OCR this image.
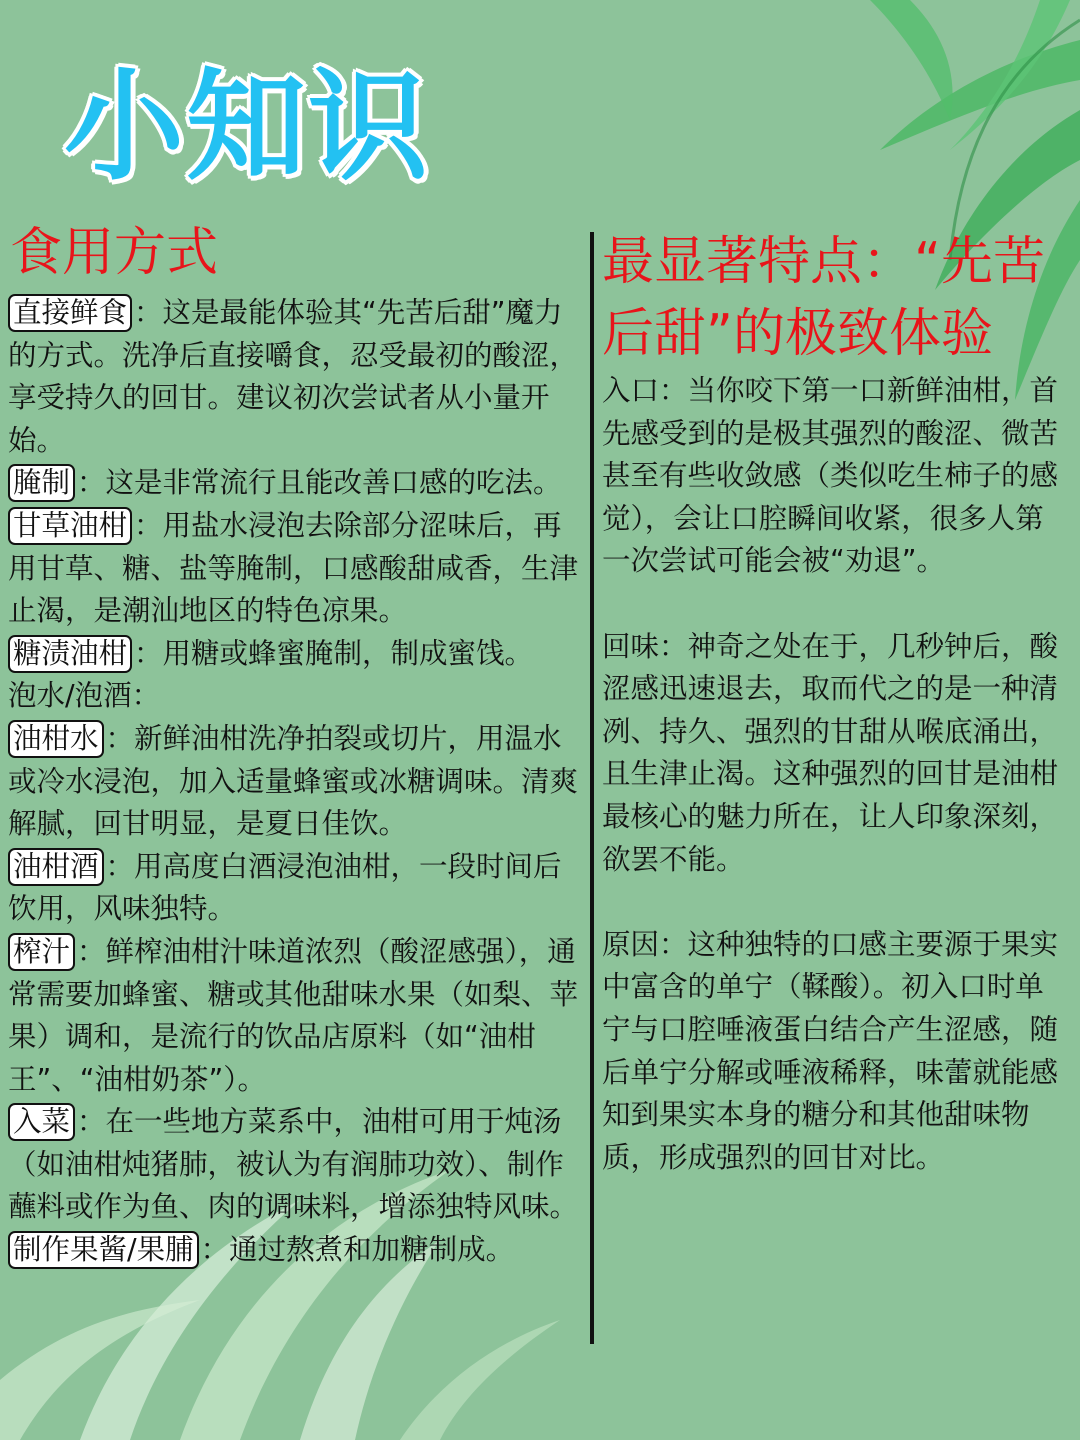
小知识
食用方式

直接鲜食 ：这是最能体验其“先苦后甜”魔力的方式。洗净后直接嚼食，忍受最初的酸涩，享受持久的回甘。建议初次尝试者从小量开始。

腌制 ：这是非常流行且能改善口感的吃法。

甘草油柑 ：用盐水浸泡去除部分涩味后，再用甘草、糖、盐等腌制，口感酸甜咸香，生津止渴，是潮汕地区的特色凉果。

糖渍油柑 ：用糖或蜂蜜腌制，制成蜜饯。

泡水/泡酒：

油柑水 ：新鲜油柑洗净拍裂或切片，用温水或冷水浸泡，加入适量蜂蜜或冰糖调味。清爽解腻，回甘明显，是夏日佳饮。

油柑酒 ：用高度白酒浸泡油柑，一段时间后饮用，风味独特。

榨汁 ：鲜榨油柑汁味道浓烈（酸涩感强），通常需要加蜂蜜、糖或其他甜味水果（如梨、苹果）调和，是流行的饮品店原料（如“油柑王”、“油柑奶茶”）。

入菜 ：在一些地方菜系中，油柑可用于炖汤（如油柑炖猪肺，被认为有润肺功效）、制作蘸料或作为鱼、肉的调味料，增添独特风味。

制作果酱/果脯 ：通过熬煮和加糖制成。

最显著特点：“先苦
后甜”的极致体验

入口：当你咬下第一口新鲜油柑，首先感受到的是极其强烈的酸涩、微苦甚至有些收敛感（类似吃生柿子的感觉），会让口腔瞬间收紧，很多人第一次尝试可能会被“劝退”。

回味：神奇之处在于，几秒钟后，酸涩感迅速退去，取而代之的是一种清冽、持久、强烈的甘甜从喉底涌出，且生津止渴。这种强烈的回甘是油柑最核心的魅力所在，让人印象深刻，欲罢不能。

原因：这种独特的口感主要源于果实中富含的单宁（鞣酸）。初入口时单宁与口腔唾液蛋白结合产生涩感，随后单宁分解或唾液稀释，味蕾就能感知到果实本身的糖分和其他甜味物质，形成强烈的回甘对比。
